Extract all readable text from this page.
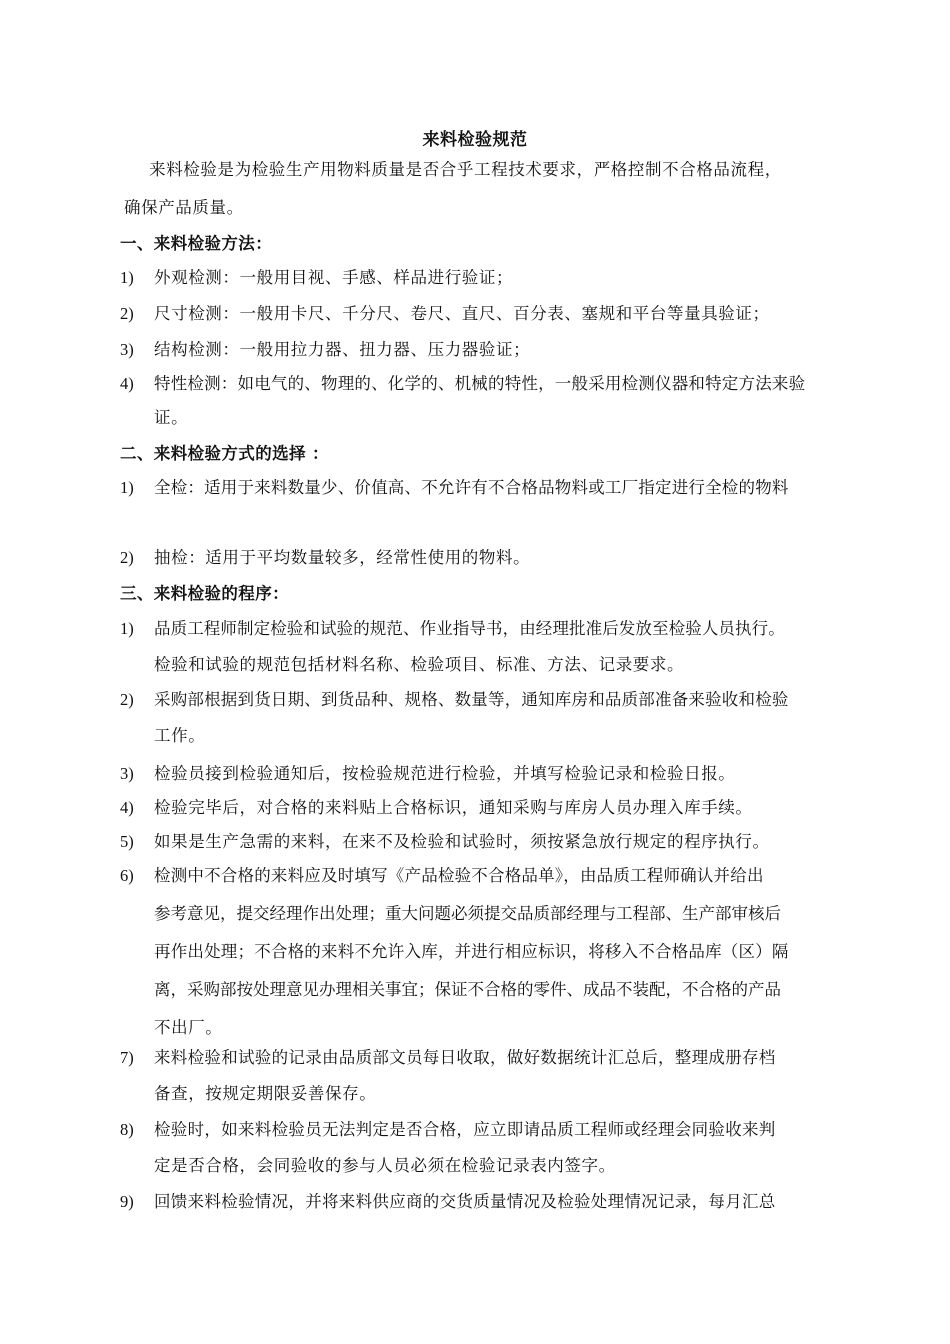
来料检验规范
　来料检验是为检验生产用物料质量是否合乎工程技术要求，严格控制不合格品流程，
确保产品质量。
一、来料检验方法：
1)	外观检测：一般用目视、手感、样品进行验证；
2)	尺寸检测：一般用卡尺、千分尺、卷尺、直尺、百分表、塞规和平台等量具验证；
3)	结构检测：一般用拉力器、扭力器、压力器验证；
4)	特性检测：如电气的、物理的、化学的、机械的特性，一般采用检测仪器和特定方法来验
证。
二、来料检验方式的选择 ：
1)	全检：适用于来料数量少、价值高、不允许有不合格品物料或工厂指定进行全检的物料
2)	抽检：适用于平均数量较多，经常性使用的物料。
三、来料检验的程序：
1)	品质工程师制定检验和试验的规范、作业指导书，由经理批准后发放至检验人员执行。
检验和试验的规范包括材料名称、检验项目、标准、方法、记录要求。
2)	采购部根据到货日期、到货品种、规格、数量等，通知库房和品质部准备来验收和检验
工作。
3)	检验员接到检验通知后，按检验规范进行检验，并填写检验记录和检验日报。
4)	检验完毕后，对合格的来料贴上合格标识，通知采购与库房人员办理入库手续。
5)	如果是生产急需的来料，在来不及检验和试验时，须按紧急放行规定的程序执行。
6)	检测中不合格的来料应及时填写《产品检验不合格品单》，由品质工程师确认并给出
参考意见，提交经理作出处理；重大问题必须提交品质部经理与工程部、生产部审核后
再作出处理；不合格的来料不允许入库，并进行相应标识，将移入不合格品库（区）隔
离，采购部按处理意见办理相关事宜；保证不合格的零件、成品不装配，不合格的产品
不出厂。
7)	来料检验和试验的记录由品质部文员每日收取，做好数据统计汇总后，整理成册存档
备查，按规定期限妥善保存。
8)	检验时，如来料检验员无法判定是否合格，应立即请品质工程师或经理会同验收来判
定是否合格，会同验收的参与人员必须在检验记录表内签字。
9)	回馈来料检验情况，并将来料供应商的交货质量情况及检验处理情况记录，每月汇总
